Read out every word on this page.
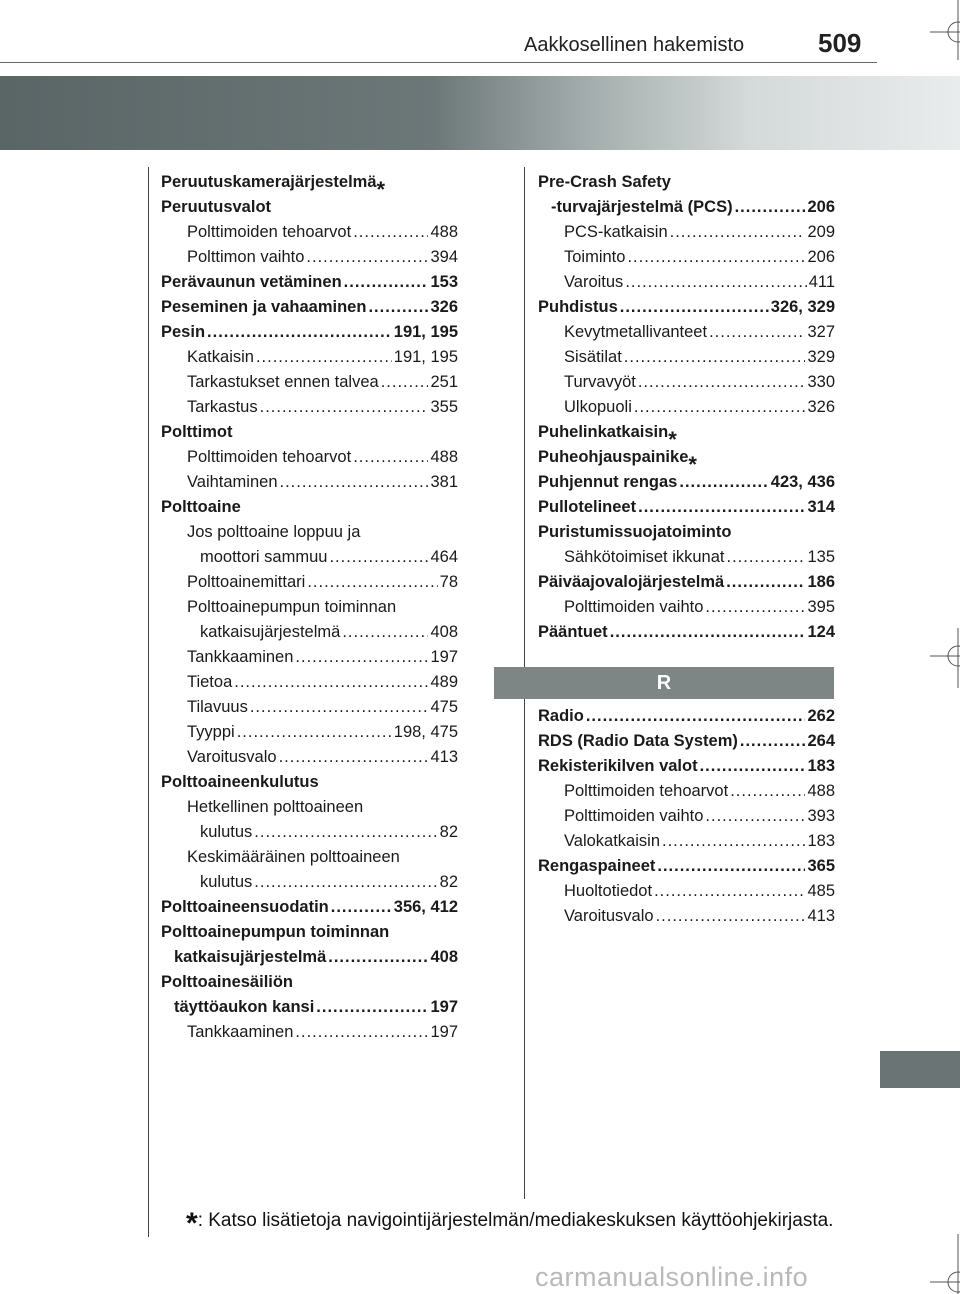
Aakkosellinen hakemisto	509
Peruutuskamerajärjestelmä*
Peruutusvalot
Polttimoiden tehoarvot .....	488
Polttimon vaihto .....	394
Perävaunun vetäminen .....	153
Peseminen ja vahaaminen .....	326
Pesin .....	191, 195
Katkaisin .....	191, 195
Tarkastukset ennen talvea .....	251
Tarkastus .....	355
Polttimot
Polttimoiden tehoarvot .....	488
Vaihtaminen .....	381
Polttoaine
Jos polttoaine loppuu ja
moottori sammuu .....	464
Polttoainemittari .....	78
Polttoainepumpun toiminnan
katkaisujärjestelmä .....	408
Tankkaaminen .....	197
Tietoa .....	489
Tilavuus .....	475
Tyyppi .....	198, 475
Varoitusvalo .....	413
Polttoaineenkulutus
Hetkellinen polttoaineen
kulutus .....	82
Keskimääräinen polttoaineen
kulutus .....	82
Polttoaineensuodatin .....	356, 412
Polttoainepumpun toiminnan
katkaisujärjestelmä .....	408
Polttoainesäiliön
täyttöaukon kansi .....	197
Tankkaaminen .....	197
Pre-Crash Safety
-turvajärjestelmä (PCS) .....	206
PCS-katkaisin .....	209
Toiminto .....	206
Varoitus .....	411
Puhdistus .....	326, 329
Kevytmetallivanteet .....	327
Sisätilat .....	329
Turvavyöt .....	330
Ulkopuoli .....	326
Puhelinkatkaisin*
Puheohjauspainike*
Puhjennut rengas .....	423, 436
Pullotelineet .....	314
Puristumissuojatoiminto
Sähkötoimiset ikkunat .....	135
Päiväajovalojärjestelmä .....	186
Polttimoiden vaihto .....	395
Pääntuet .....	124
R
Radio .....	262
RDS (Radio Data System) .....	264
Rekisterikilven valot .....	183
Polttimoiden tehoarvot .....	488
Polttimoiden vaihto .....	393
Valokatkaisin .....	183
Rengaspaineet .....	365
Huoltotiedot .....	485
Varoitusvalo .....	413
*: Katso lisätietoja navigointijärjestelmän/mediakeskuksen käyttöohjekirjasta.
carmanualsonline.info
